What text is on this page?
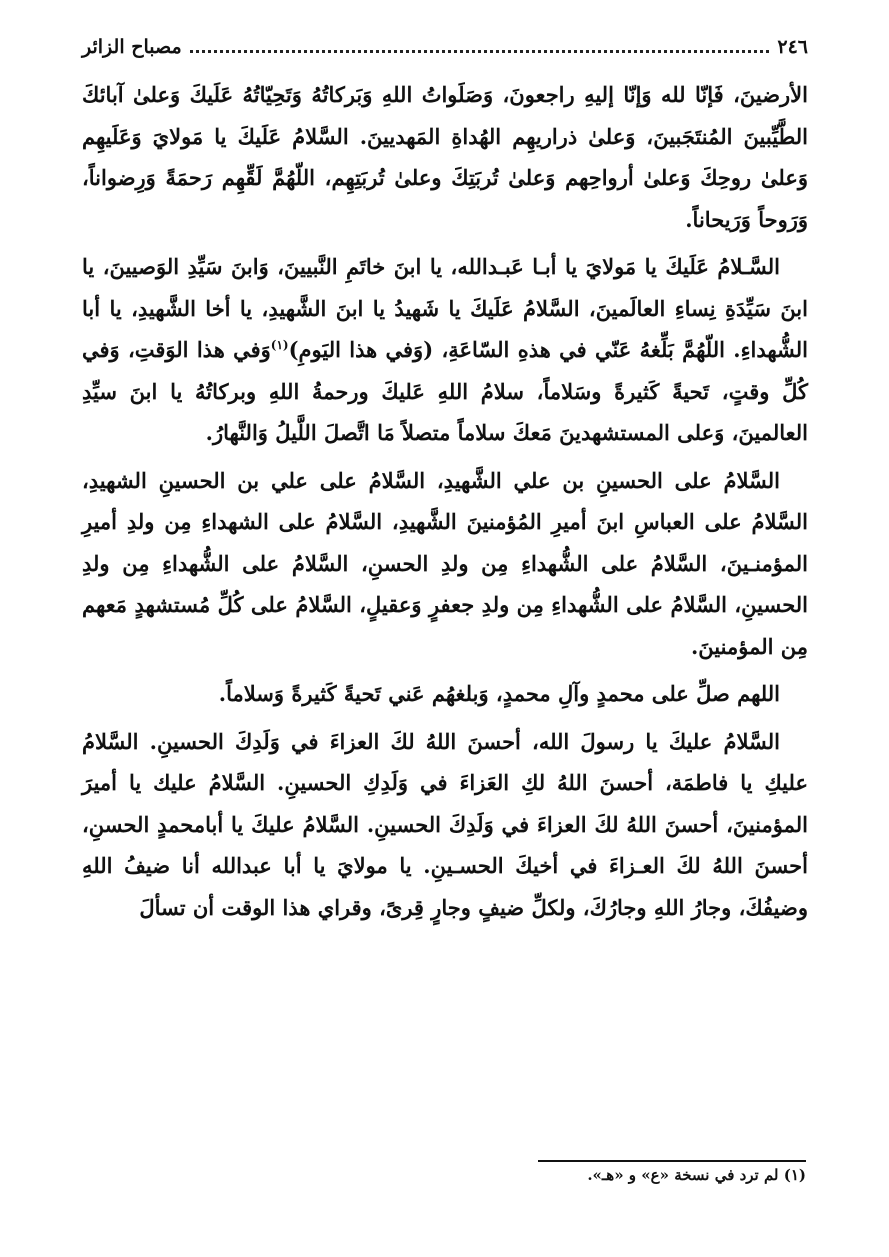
٢٤٦
مصباح الزائر

الأرضينَ، فَإنّا لله وَإنّا إليهِ راجعونَ، وَصَلَواتُ اللهِ وَبَركاتُهُ وَتَحِيّاتُهُ عَلَيكَ وَعلىٰ آبائكَ الطَّيِّبينَ المُنتَجَبينَ، وَعلىٰ ذراريهِم الهُداةِ المَهديينَ. السَّلامُ عَلَيكَ يا مَولايَ وَعَلَيهِم وَعلىٰ روحِكَ وَعلىٰ أرواحِهم وَعلىٰ تُربَتِكَ وعلىٰ تُربَتِهِم، اللّهُمَّ لَقِّهِم رَحمَةً وَرِضواناً، وَرَوحاً وَرَيحاناً.

السَّـلامُ عَلَيكَ يا مَولايَ يا أبـا عَبـدالله، يا ابنَ خاتَمِ النَّبيينَ، وَابنَ سَيِّدِ الوَصيينَ، يا ابنَ سَيِّدَةِ نِساءِ العالَمينَ، السَّلامُ عَلَيكَ يا شَهيدُ يا ابنَ الشَّهيدِ، يا أخا الشَّهيدِ، يا أبا الشُّهداءِ. اللّهُمَّ بَلِّغهُ عَنّي في هذهِ السّاعَةِ، (وَفي هذا اليَومِ)$^{(١)}$وَفي هذا الوَقتِ، وَفي كُلِّ وقتٍ، تَحيةً كَثيرةً وسَلاماً، سلامُ اللهِ عَليكَ ورحمةُ اللهِ وبركاتُهُ يا ابنَ سيِّدِ العالمينَ، وَعلى المستشهدينَ مَعكَ سلاماً متصلاً مَا اتَّصلَ اللَّيلُ وَالنَّهارُ.

السَّلامُ على الحسينِ بن علي الشَّهيدِ، السَّلامُ على علي بن الحسينِ الشهيدِ، السَّلامُ على العباسِ ابنَ أميرِ المُؤمنينَ الشَّهيدِ، السَّلامُ على الشهداءِ مِن ولدِ أميرِ المؤمنـينَ، السَّلامُ على الشُّهداءِ مِن ولدِ الحسنِ، السَّلامُ على الشُّهداءِ مِن ولدِ الحسينِ، السَّلامُ على الشُّهداءِ مِن ولدِ جعفرٍ وَعقيلٍ، السَّلامُ على كُلِّ مُستشهدٍ مَعهم مِن المؤمنينَ.

اللهم صلِّ على محمدٍ وآلِ محمدٍ، وَبلغهُم عَني تَحيةً كَثيرةً وَسلاماً.

السَّلامُ عليكَ يا رسولَ الله، أحسنَ اللهُ لكَ العزاءَ في وَلَدِكَ الحسينِ. السَّلامُ عليكِ يا فاطمَة، أحسنَ اللهُ لكِ العَزاءَ في وَلَدِكِ الحسينِ. السَّلامُ عليك يا أميرَ المؤمنينَ، أحسنَ اللهُ لكَ العزاءَ في وَلَدِكَ الحسينِ. السَّلامُ عليكَ يا أبامحمدٍ الحسنِ، أحسنَ اللهُ لكَ العـزاءَ في أخيكَ الحسـينِ. يا مولايَ يا أبا عبدالله أنا ضيفُ اللهِ وضيفُكَ، وجارُ اللهِ وجارُكَ، ولكلِّ ضيفٍ وجارٍ قِرىً، وقراي هذا الوقت أن تسألَ

(١) لم ترد في نسخة «ع» و «هـ».
